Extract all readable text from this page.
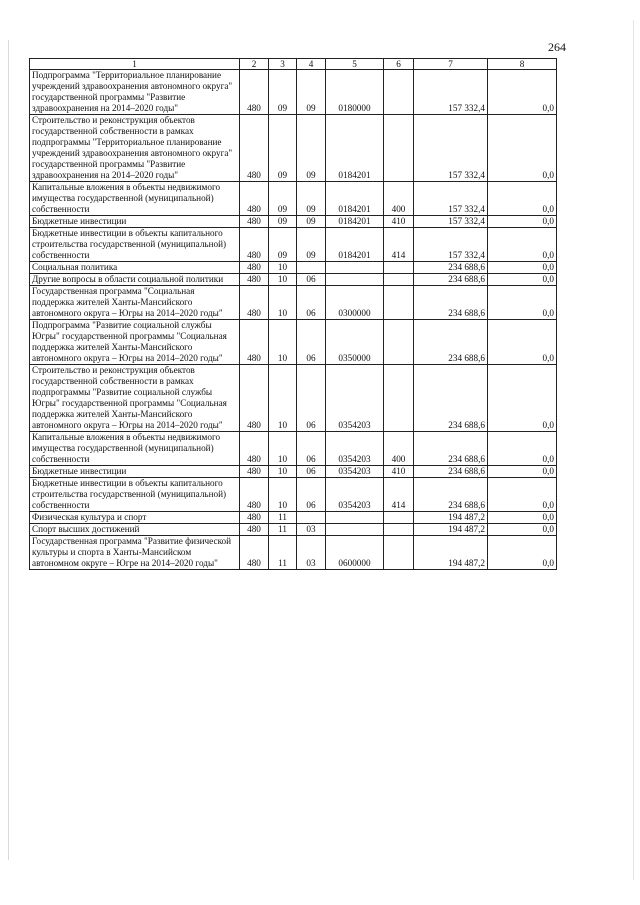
264
1	2	3	4	5	6	7	8
Подпрограмма "Территориальное планирование учреждений здравоохранения автономного округа" государственной программы "Развитие здравоохранения на 2014–2020 годы"	480	09	09	0180000		157 332,4	0,0
Строительство и реконструкция объектов государственной собственности в рамках подпрограммы "Территориальное планирование учреждений здравоохранения автономного округа" государственной программы "Развитие здравоохранения на 2014–2020 годы"	480	09	09	0184201		157 332,4	0,0
Капитальные вложения в объекты недвижимого имущества государственной (муниципальной) собственности	480	09	09	0184201	400	157 332,4	0,0
Бюджетные инвестиции	480	09	09	0184201	410	157 332,4	0,0
Бюджетные инвестиции в объекты капитального строительства государственной (муниципальной) собственности	480	09	09	0184201	414	157 332,4	0,0
Социальная политика	480	10				234 688,6	0,0
Другие вопросы в области социальной политики	480	10	06			234 688,6	0,0
Государственная программа "Социальная поддержка жителей Ханты-Мансийского автономного округа – Югры на 2014–2020 годы"	480	10	06	0300000		234 688,6	0,0
Подпрограмма "Развитие социальной службы Югры" государственной программы "Социальная поддержка жителей Ханты-Мансийского автономного округа – Югры на 2014–2020 годы"	480	10	06	0350000		234 688,6	0,0
Строительство и реконструкция объектов государственной собственности в рамках подпрограммы "Развитие социальной службы Югры" государственной программы "Социальная поддержка жителей Ханты-Мансийского автономного округа – Югры на 2014–2020 годы"	480	10	06	0354203		234 688,6	0,0
Капитальные вложения в объекты недвижимого имущества государственной (муниципальной) собственности	480	10	06	0354203	400	234 688,6	0,0
Бюджетные инвестиции	480	10	06	0354203	410	234 688,6	0,0
Бюджетные инвестиции в объекты капитального строительства государственной (муниципальной) собственности	480	10	06	0354203	414	234 688,6	0,0
Физическая культура и спорт	480	11				194 487,2	0,0
Спорт высших достижений	480	11	03			194 487,2	0,0
Государственная программа "Развитие физической культуры и спорта в Ханты-Мансийском автономном округе – Югре на 2014–2020 годы"	480	11	03	0600000		194 487,2	0,0
